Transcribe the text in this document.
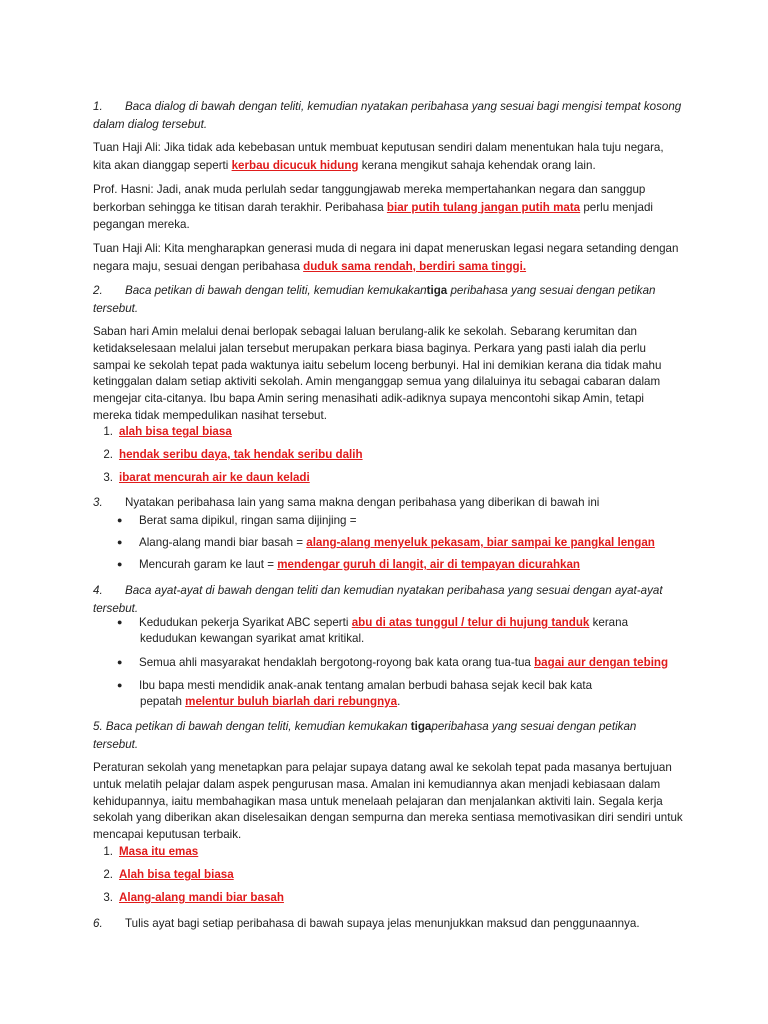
1. Baca dialog di bawah dengan teliti, kemudian nyatakan peribahasa yang sesuai bagi mengisi tempat kosong dalam dialog tersebut.

Tuan Haji Ali: Jika tidak ada kebebasan untuk membuat keputusan sendiri dalam menentukan hala tuju negara, kita akan dianggap seperti kerbau dicucuk hidung kerana mengikut sahaja kehendak orang lain.

Prof. Hasni: Jadi, anak muda perlulah sedar tanggungjawab mereka mempertahankan negara dan sanggup berkorban sehingga ke titisan darah terakhir. Peribahasa biar putih tulang jangan putih mata perlu menjadi pegangan mereka.

Tuan Haji Ali: Kita mengharapkan generasi muda di negara ini dapat meneruskan legasi negara setanding dengan negara maju, sesuai dengan peribahasa duduk sama rendah, berdiri sama tinggi.

2. Baca petikan di bawah dengan teliti, kemudian kemukakantiga peribahasa yang sesuai dengan petikan tersebut.

Saban hari Amin melalui denai berlopak sebagai laluan berulang-alik ke sekolah. Sebarang kerumitan dan ketidakselesaan melalui jalan tersebut merupakan perkara biasa baginya. Perkara yang pasti ialah dia perlu sampai ke sekolah tepat pada waktunya iaitu sebelum loceng berbunyi. Hal ini demikian kerana dia tidak mahu ketinggalan dalam setiap aktiviti sekolah. Amin menganggap semua yang dilaluinya itu sebagai cabaran dalam mengejar cita-citanya. Ibu bapa Amin sering menasihati adik-adiknya supaya mencontohi sikap Amin, tetapi mereka tidak mempedulikan nasihat tersebut.

1. alah bisa tegal biasa
2. hendak seribu daya, tak hendak seribu dalih
3. ibarat mencurah air ke daun keladi

3. Nyatakan peribahasa lain yang sama makna dengan peribahasa yang diberikan di bawah ini

● Berat sama dipikul, ringan sama dijinjing =
● Alang-alang mandi biar basah = alang-alang menyeluk pekasam, biar sampai ke pangkal lengan
● Mencurah garam ke laut = mendengar guruh di langit, air di tempayan dicurahkan

4. Baca ayat-ayat di bawah dengan teliti dan kemudian nyatakan peribahasa yang sesuai dengan ayat-ayat tersebut.

● Kedudukan pekerja Syarikat ABC seperti abu di atas tunggul / telur di hujung tanduk kerana
kedudukan kewangan syarikat amat kritikal.
● Semua ahli masyarakat hendaklah bergotong-royong bak kata orang tua-tua bagai aur dengan tebing
● Ibu bapa mesti mendidik anak-anak tentang amalan berbudi bahasa sejak kecil bak kata
pepatah melentur buluh biarlah dari rebungnya.

5. Baca petikan di bawah dengan teliti, kemudian kemukakan tigaperibahasa yang sesuai dengan petikan tersebut.

Peraturan sekolah yang menetapkan para pelajar supaya datang awal ke sekolah tepat pada masanya bertujuan untuk melatih pelajar dalam aspek pengurusan masa. Amalan ini kemudiannya akan menjadi kebiasaan dalam kehidupannya, iaitu membahagikan masa untuk menelaah pelajaran dan menjalankan aktiviti lain. Segala kerja sekolah yang diberikan akan diselesaikan dengan sempurna dan mereka sentiasa memotivasikan diri sendiri untuk mencapai keputusan terbaik.

1. Masa itu emas
2. Alah bisa tegal biasa
3. Alang-alang mandi biar basah

6. Tulis ayat bagi setiap peribahasa di bawah supaya jelas menunjukkan maksud dan penggunaannya.
